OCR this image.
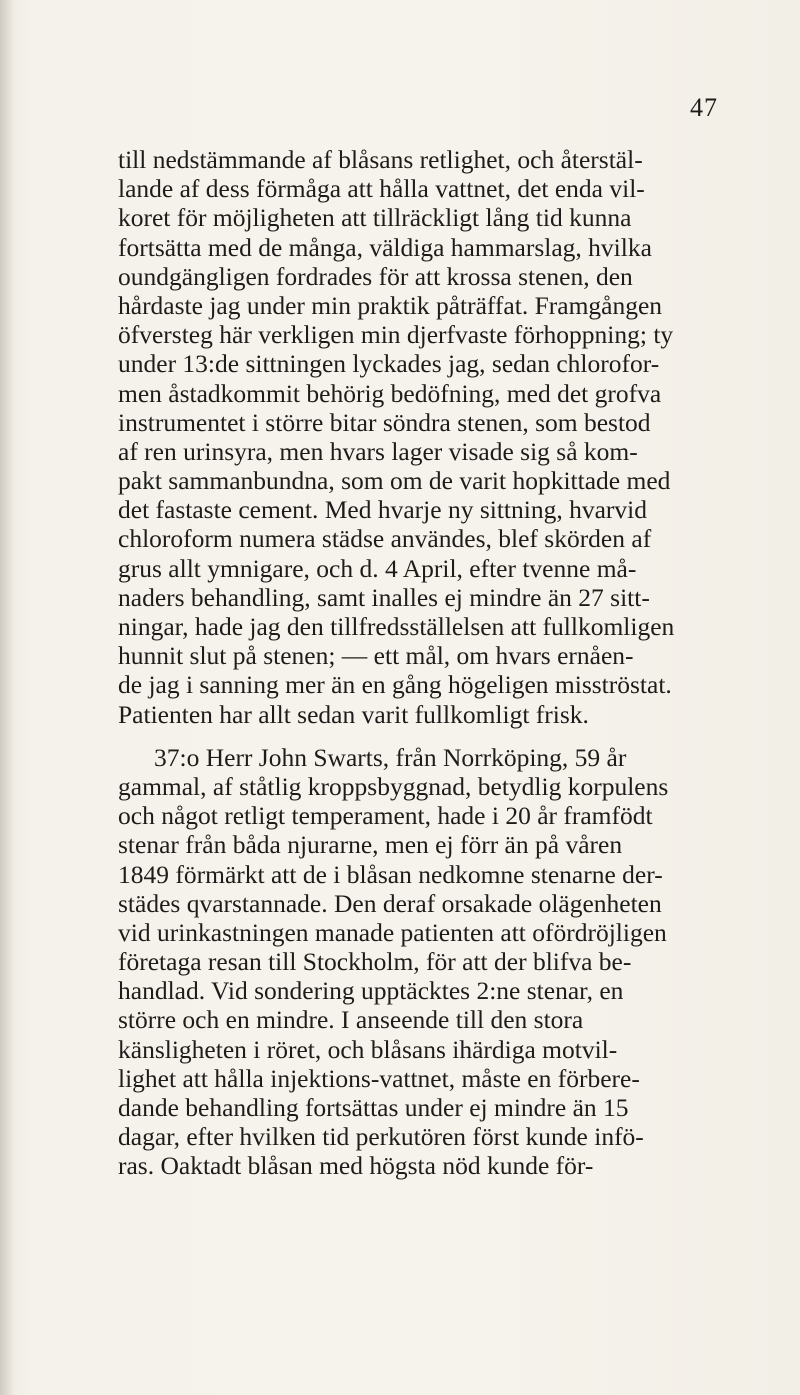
47
till nedstämmande af blåsans retlighet, och återstäl-
lande af dess förmåga att hålla vattnet, det enda vil-
koret för möjligheten att tillräckligt lång tid kunna
fortsätta med de många, väldiga hammarslag, hvilka
oundgängligen fordrades för att krossa stenen, den
hårdaste jag under min praktik påträffat. Framgången
öfversteg här verkligen min djerfvaste förhoppning; ty
under 13:de sittningen lyckades jag, sedan chlorofor-
men åstadkommit behörig bedöfning, med det grofva
instrumentet i större bitar söndra stenen, som bestod
af ren urinsyra, men hvars lager visade sig så kom-
pakt sammanbundna, som om de varit hopkittade med
det fastaste cement. Med hvarje ny sittning, hvarvid
chloroform numera städse användes, blef skörden af
grus allt ymnigare, och d. 4 April, efter tvenne må-
naders behandling, samt inalles ej mindre än 27 sitt-
ningar, hade jag den tillfredsställelsen att fullkomligen
hunnit slut på stenen; — ett mål, om hvars ernåen-
de jag i sanning mer än en gång högeligen misströstat.
Patienten har allt sedan varit fullkomligt frisk.
37:o Herr John Swarts, från Norrköping, 59 år
gammal, af ståtlig kroppsbyggnad, betydlig korpulens
och något retligt temperament, hade i 20 år framfödt
stenar från båda njurarne, men ej förr än på våren
1849 förmärkt att de i blåsan nedkomne stenarne der-
städes qvarstannade. Den deraf orsakade olägenheten
vid urinkastningen manade patienten att ofördröjligen
företaga resan till Stockholm, för att der blifva be-
handlad. Vid sondering upptäcktes 2:ne stenar, en
större och en mindre. I anseende till den stora
känsligheten i röret, och blåsans ihärdiga motvil-
lighet att hålla injektions-vattnet, måste en förbere-
dande behandling fortsättas under ej mindre än 15
dagar, efter hvilken tid perkutören först kunde infö-
ras. Oaktadt blåsan med högsta nöd kunde för-
